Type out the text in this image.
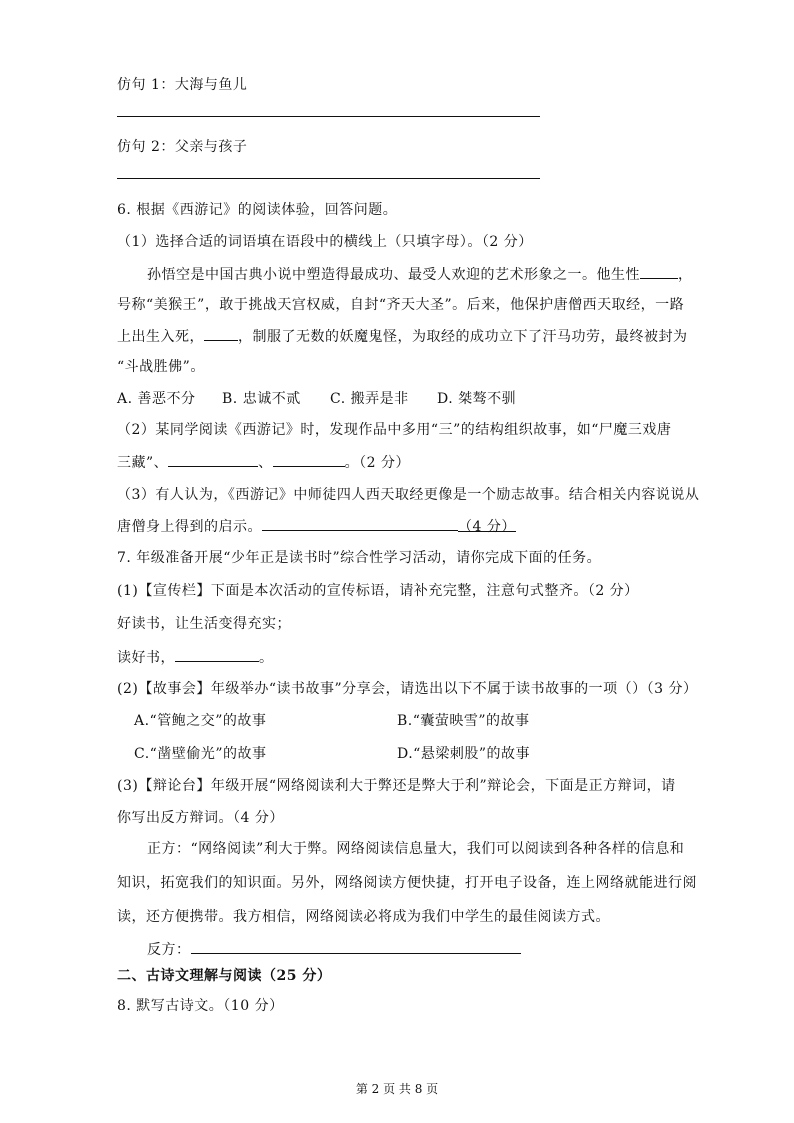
仿句 1：大海与鱼儿
仿句 2：父亲与孩子
6. 根据《西游记》的阅读体验，回答问题。
（1）选择合适的词语填在语段中的横线上（只填字母）。（2 分）
孙悟空是中国古典小说中塑造得最成功、最受人欢迎的艺术形象之一。他生性	，
号称“美猴王”，敢于挑战天宫权威，自封“齐天大圣”。后来，他保护唐僧西天取经，一路
上出生入死， ，制服了无数的妖魔鬼怪，为取经的成功立下了汗马功劳，最终被封为
“斗战胜佛”。
A. 善恶不分 B. 忠诚不贰 C. 搬弄是非 D. 桀骜不驯
（2）某同学阅读《西游记》时，发现作品中多用“三”的结构组织故事，如“尸魔三戏唐
三藏”、	、	。（2 分）
（3）有人认为，《西游记》中师徒四人西天取经更像是一个励志故事。结合相关内容说说从
唐僧身上得到的启示。	（4 分）
7. 年级准备开展“少年正是读书时”综合性学习活动，请你完成下面的任务。
(1)【宣传栏】下面是本次活动的宣传标语，请补充完整，注意句式整齐。（2 分）
好读书，让生活变得充实；
读好书，	。
(2)【故事会】年级举办“读书故事”分享会，请选出以下不属于读书故事的一项（）（3 分）
A.“管鲍之交”的故事	B.“囊萤映雪”的故事
C.“凿壁偷光”的故事	D.“悬梁刺股”的故事
(3)【辩论台】年级开展“网络阅读利大于弊还是弊大于利”辩论会，下面是正方辩词，请
你写出反方辩词。（4 分）
正方：“网络阅读”利大于弊。网络阅读信息量大，我们可以阅读到各种各样的信息和
知识，拓宽我们的知识面。另外，网络阅读方便快捷，打开电子设备，连上网络就能进行阅
读，还方便携带。我方相信，网络阅读必将成为我们中学生的最佳阅读方式。
反方：
二、古诗文理解与阅读（25 分）
8. 默写古诗文。（10 分）
第 2 页 共 8 页
